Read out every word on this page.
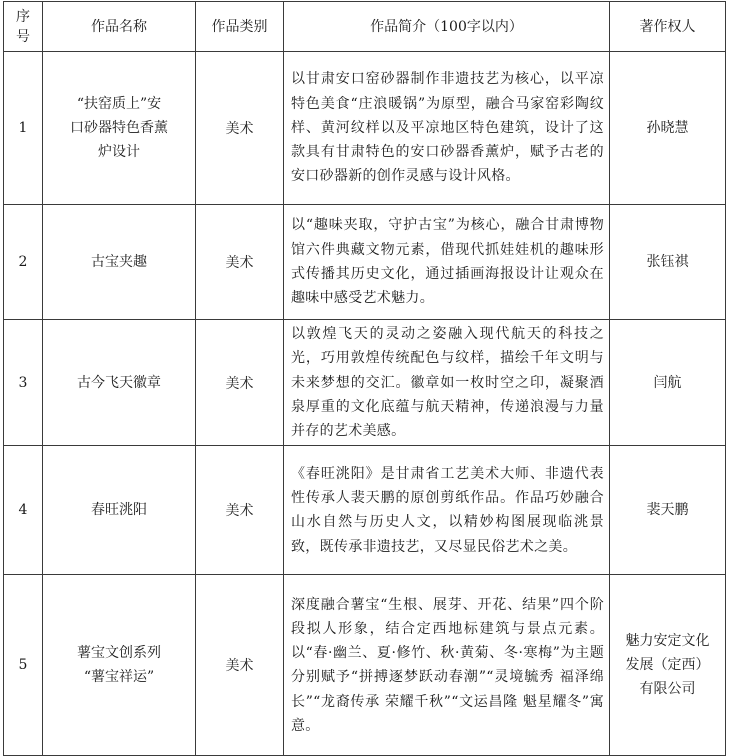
序
号	作品名称	作品类别	作品简介（100字以内）	著作权人
1	“扶窑质上”安
口砂器特色香薰
炉设计	美术	以甘肃安口窑砂器制作非遗技艺为核心，以平凉特色美食“庄浪暖锅”为原型，融合马家窑彩陶纹样、黄河纹样以及平凉地区特色建筑，设计了这款具有甘肃特色的安口砂器香薰炉，赋予古老的安口砂器新的创作灵感与设计风格。	孙晓慧

2	古宝夹趣	美术	以“趣味夹取，守护古宝”为核心，融合甘肃博物馆六件典藏文物元素，借现代抓娃娃机的趣味形式传播其历史文化，通过插画海报设计让观众在趣味中感受艺术魅力。	张钰祺

3	古今飞天徽章	美术	以敦煌飞天的灵动之姿融入现代航天的科技之光，巧用敦煌传统配色与纹样，描绘千年文明与未来梦想的交汇。徽章如一枚时空之印，凝聚酒泉厚重的文化底蕴与航天精神，传递浪漫与力量并存的艺术美感。	闫航

4	春旺洮阳	美术	《春旺洮阳》是甘肃省工艺美术大师、非遗代表性传承人裴天鹏的原创剪纸作品。作品巧妙融合山水自然与历史人文，以精妙构图展现临洮景致，既传承非遗技艺，又尽显民俗艺术之美。	裴天鹏

5	薯宝文创系列
“薯宝祥运”	美术	深度融合薯宝“生根、展芽、开花、结果”四个阶段拟人形象，结合定西地标建筑与景点元素。以“春·幽兰、夏·修竹、秋·黄菊、冬·寒梅”为主题分别赋予“拼搏逐梦跃动春潮”“灵境毓秀 福泽绵长”“龙裔传承 荣耀千秋”“文运昌隆 魁星耀冬”寓意。	魅力安定文化
发展（定西）
有限公司
